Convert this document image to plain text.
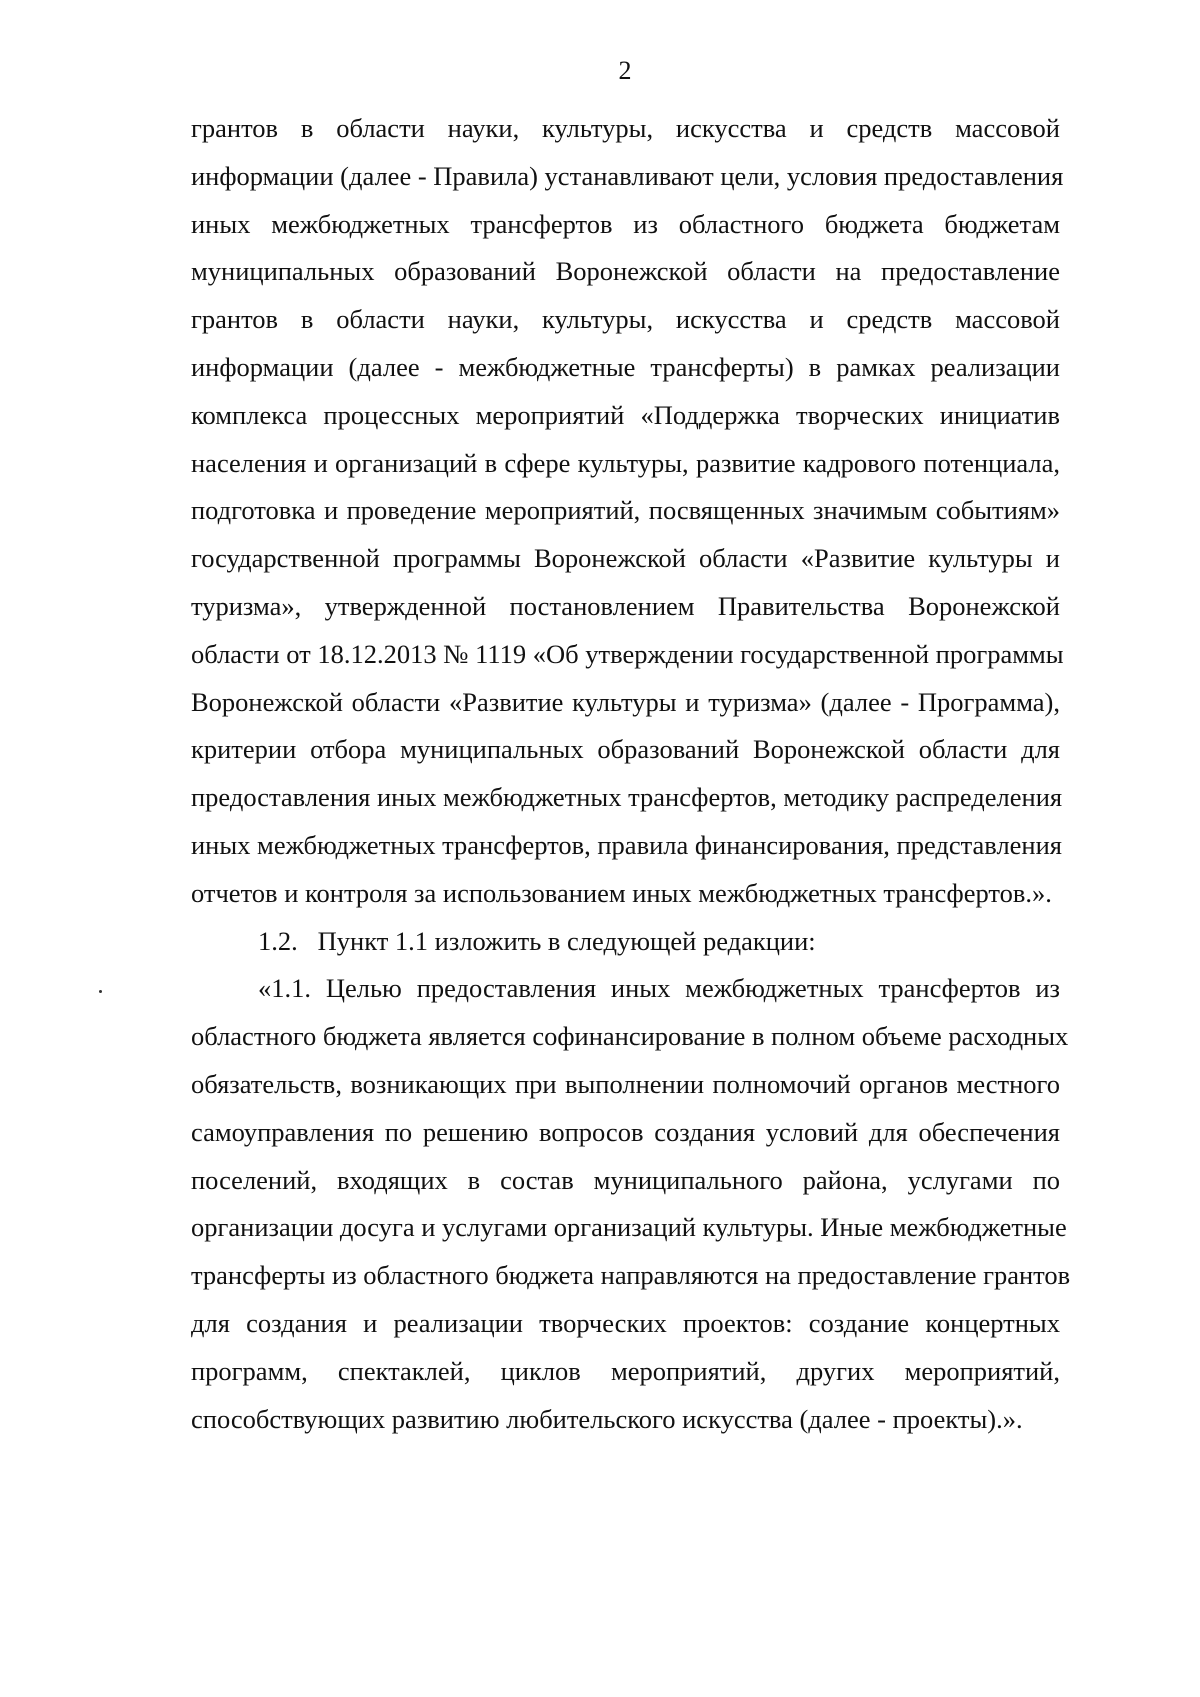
2
грантов в области науки, культуры, искусства и средств массовой
информации (далее - Правила) устанавливают цели, условия предоставления
иных межбюджетных трансфертов из областного бюджета бюджетам
муниципальных образований Воронежской области на предоставление
грантов в области науки, культуры, искусства и средств массовой
информации (далее - межбюджетные трансферты) в рамках реализации
комплекса процессных мероприятий «Поддержка творческих инициатив
населения и организаций в сфере культуры, развитие кадрового потенциала,
подготовка и проведение мероприятий, посвященных значимым событиям»
государственной программы Воронежской области «Развитие культуры и
туризма», утвержденной постановлением Правительства Воронежской
области от 18.12.2013 № 1119 «Об утверждении государственной программы
Воронежской области «Развитие культуры и туризма» (далее - Программа),
критерии отбора муниципальных образований Воронежской области для
предоставления иных межбюджетных трансфертов, методику распределения
иных межбюджетных трансфертов, правила финансирования, представления
отчетов и контроля за использованием иных межбюджетных трансфертов.».
1.2.   Пункт 1.1 изложить в следующей редакции:
«1.1. Целью предоставления иных межбюджетных трансфертов из
областного бюджета является софинансирование в полном объеме расходных
обязательств, возникающих при выполнении полномочий органов местного
самоуправления по решению вопросов создания условий для обеспечения
поселений, входящих в состав муниципального района, услугами по
организации досуга и услугами организаций культуры. Иные межбюджетные
трансферты из областного бюджета направляются на предоставление грантов
для создания и реализации творческих проектов: создание концертных
программ, спектаклей, циклов мероприятий, других мероприятий,
способствующих развитию любительского искусства (далее - проекты).».
